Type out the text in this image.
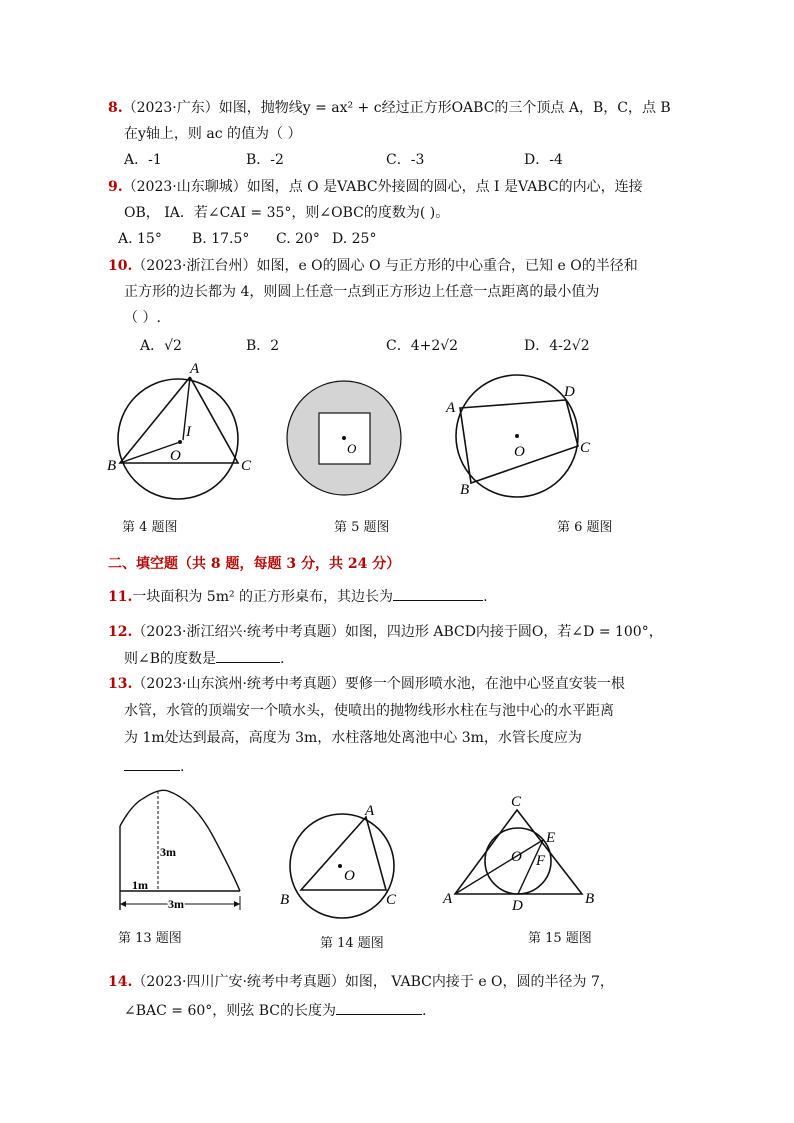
8.（2023·广东）如图，抛物线y = ax² + c经过正方形OABC的三个顶点 A，B，C，点 B
在y轴上，则 ac 的值为（ ）
A．-1	B．-2	C．-3	D．-4
9.（2023·山东聊城）如图，点 O 是VABC外接圆的圆心，点 I 是VABC的内心，连接
OB， IA．若∠CAI = 35°，则∠OBC的度数为( )。
A. 15° B. 17.5° C. 20° D. 25°
10.（2023·浙江台州）如图，e O的圆心 O 与正方形的中心重合，已知 e O的半径和
正方形的边长都为 4，则圆上任意一点到正方形边上任意一点距离的最小值为
（ ）.
A．√2	B．2	C．4+2√2	D．4-2√2
A
B	C
O
I
第 4 题图
O
第 5 题图
A
D
C
B
O
第 6 题图
二、填空题（共 8 题，每题 3 分，共 24 分）
11.一块面积为 5m² 的正方形桌布，其边长为	.
12.（2023·浙江绍兴·统考中考真题）如图，四边形 ABCD内接于圆O，若∠D = 100°，
则∠B的度数是	.
13.（2023·山东滨州·统考中考真题）要修一个圆形喷水池，在池中心竖直安装一根
水管，水管的顶端安一个喷水头，使喷出的抛物线形水柱在与池中心的水平距离
为 1m处达到最高，高度为 3m，水柱落地处离池中心 3m，水管长度应为
.
3m
1m
3m
第 13 题图
A
B	C
O
第 14 题图
C
A	B
D
E
F
O
第 15 题图
14.（2023·四川广安·统考中考真题）如图， VABC内接于 e O，圆的半径为 7，
∠BAC = 60°，则弦 BC的长度为	.
